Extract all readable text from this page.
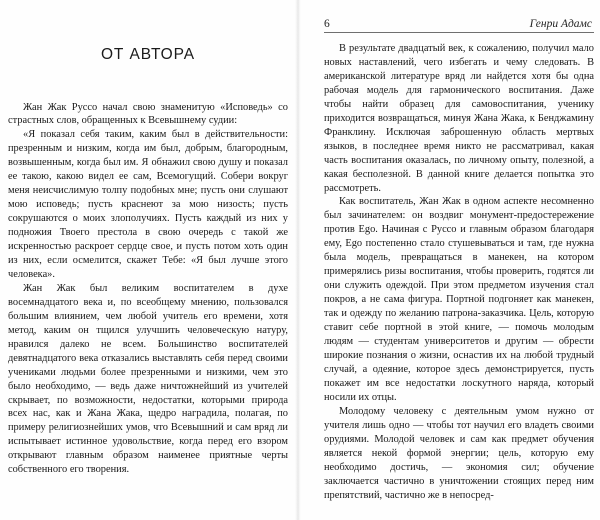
ОТ АВТОРА

Жан Жак Руссо начал свою знаменитую «Исповедь» со страстных слов, обращенных к Всевышнему судии:

«Я показал себя таким, каким был в действительности: презренным и низким, когда им был, добрым, благородным, возвышенным, когда был им. Я обнажил свою душу и показал ее такою, какою видел ее сам, Всемогущий. Собери вокруг меня неисчислимую толпу подобных мне; пусть они слушают мою исповедь; пусть краснеют за мою низость; пусть сокрушаются о моих злополучиях. Пусть каждый из них у подножия Твоего престола в свою очередь с такой же искренностью раскроет сердце свое, и пусть потом хоть один из них, если осмелится, скажет Тебе: «Я был лучше этого человека».

Жан Жак был великим воспитателем в духе восемнадцатого века и, по всеобщему мнению, пользовался большим влиянием, чем любой учитель его времени, хотя метод, каким он тщился улучшить человеческую натуру, нравился далеко не всем. Большинство воспитателей девятнадцатого века отказались выставлять себя перед своими учениками людьми более презренными и низкими, чем это было необходимо, — ведь даже ничтожнейший из учителей скрывает, по возможности, недостатки, которыми природа всех нас, как и Жана Жака, щедро наградила, полагая, по примеру религиознейших умов, что Всевышний и сам вряд ли испытывает истинное удовольствие, когда перед его взором открывают главным образом наименее приятные черты собственного его творения.

6	Генри Адамс

В результате двадцатый век, к сожалению, получил мало новых наставлений, чего избегать и чему следовать. В американской литературе вряд ли найдется хотя бы одна рабочая модель для гармонического воспитания. Даже чтобы найти образец для самовоспитания, ученику приходится возвращаться, минуя Жана Жака, к Бенджамину Франклину. Исключая заброшенную область мертвых языков, в последнее время никто не рассматривал, какая часть воспитания оказалась, по личному опыту, полезной, а какая бесполезной. В данной книге делается попытка это рассмотреть.

Как воспитатель, Жан Жак в одном аспекте несомненно был зачинателем: он воздвиг монумент-предостережение против Ego. Начиная с Руссо и главным образом благодаря ему, Ego постепенно стало стушевываться и там, где нужна была модель, превращаться в манекен, на котором примерялись ризы воспитания, чтобы проверить, годятся ли они служить одеждой. При этом предметом изучения стал покров, а не сама фигура. Портной подгоняет как манекен, так и одежду по желанию патрона-заказчика. Цель, которую ставит себе портной в этой книге, — помочь молодым людям — студентам университетов и другим — обрести широкие познания о жизни, оснастив их на любой трудный случай, а одеяние, которое здесь демонстрируется, пусть покажет им все недостатки лоскутного наряда, который носили их отцы.

Молодому человеку с деятельным умом нужно от учителя лишь одно — чтобы тот научил его владеть своими орудиями. Молодой человек и сам как предмет обучения является некой формой энергии; цель, которую ему необходимо достичь, — экономия сил; обучение заключается частично в уничтожении стоящих перед ним препятствий, частично же в непосред-
